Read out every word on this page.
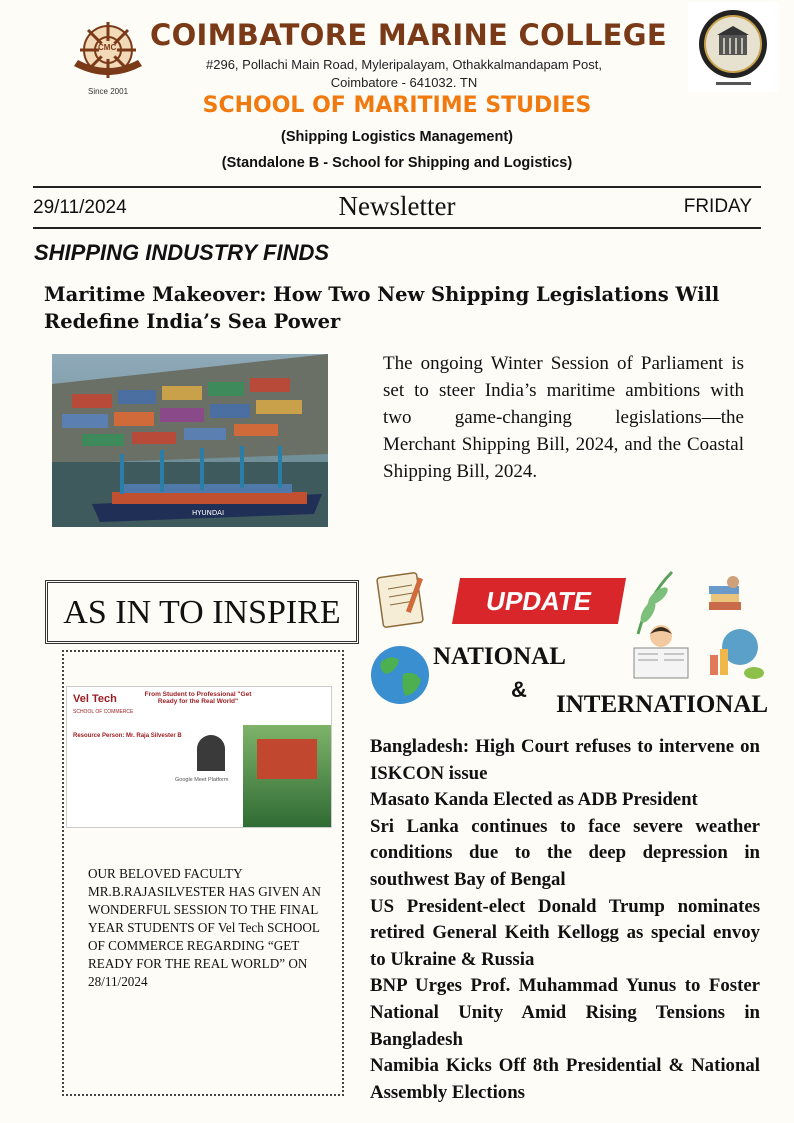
CMC
Since 2001
COIMBATORE MARINE COLLEGE
#296, Pollachi Main Road, Myleripalayam, Othakkalmandapam Post,
Coimbatore - 641032. TN
SCHOOL OF MARITIME STUDIES
(Shipping Logistics Management)
(Standalone B - School for Shipping and Logistics)
29/11/2024	Newsletter	FRIDAY
SHIPPING INDUSTRY FINDS
Maritime Makeover: How Two New Shipping Legislations Will Redefine India’s Sea Power
HYUNDAI
The ongoing Winter Session of Parliament is set to steer India’s maritime ambitions with two game-changing legislations—the Merchant Shipping Bill, 2024, and the Coastal Shipping Bill, 2024.
AS IN TO INSPIRE
Vel Tech
SCHOOL OF COMMERCE
From Student to Professional "Get Ready for the Real World"
Resource Person: Mr. Raja Silvester B
Google Meet Platform
OUR BELOVED FACULTY MR.B.RAJASILVESTER HAS GIVEN AN WONDERFUL SESSION TO THE FINAL YEAR STUDENTS OF Vel Tech SCHOOL OF COMMERCE REGARDING “GET READY FOR THE REAL WORLD” ON 28/11/2024
UPDATE
NATIONAL
&
INTERNATIONAL
Bangladesh: High Court refuses to intervene on ISKCON issue
Masato Kanda Elected as ADB President
Sri Lanka continues to face severe weather conditions due to the deep depression in southwest Bay of Bengal
US President-elect Donald Trump nominates retired General Keith Kellogg as special envoy to Ukraine & Russia
BNP Urges Prof. Muhammad Yunus to Foster National Unity Amid Rising Tensions in Bangladesh
Namibia Kicks Off 8th Presidential & National Assembly Elections
